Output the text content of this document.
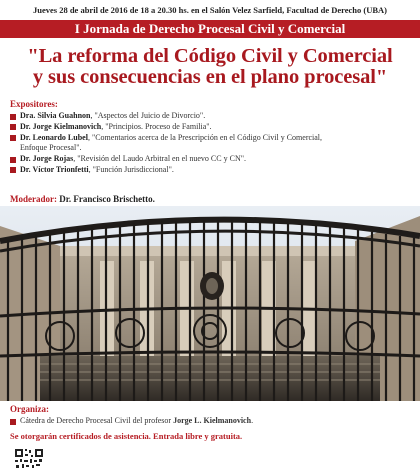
Jueves 28 de abril de 2016 de 18 a 20.30 hs. en el Salón Velez Sarfield, Facultad de Derecho (UBA)
I Jornada de Derecho Procesal Civil y Comercial
"La reforma del Código Civil y Comercial
y sus consecuencias en el plano procesal"
Expositores:
Dra. Silvia Guahnon, "Aspectos del Juicio de Divorcio".
Dr. Jorge Kielmanovich, "Principios. Proceso de Familia".
Dr. Leonardo Lubel, "Comentarios acerca de la Prescripción en el Código Civil y Comercial,
Enfoque Procesal".
Dr. Jorge Rojas, "Revisión del Laudo Arbitral en el nuevo CC y CN".
Dr. Víctor Trionfetti, "Función Jurisdiccional".
Moderador: Dr. Francisco Brischetto.
Organiza:
Cátedra de Derecho Procesal Civil del profesor Jorge L. Kielmanovich.
Se otorgarán certificados de asistencia. Entrada libre y gratuita.
